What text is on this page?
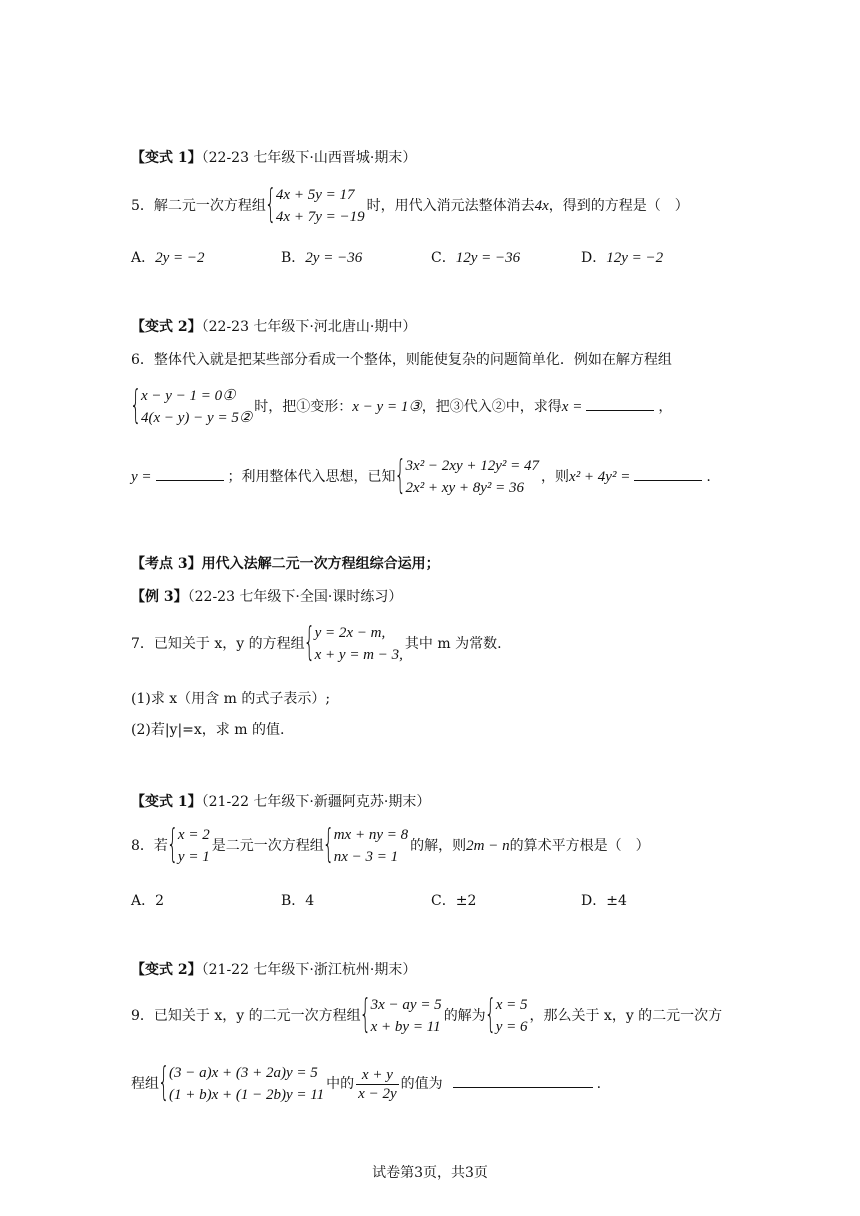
【变式 1】（22-23 七年级下·山西晋城·期末）
5．解二元一次方程组
{ 4x + 5y = 17
4x + 7y = −19
时，用代入消元法整体消去4x，得到的方程是（　）
A．2y = −2	B．2y = −36	C．12y = −36	D．12y = −2
【变式 2】（22-23 七年级下·河北唐山·期中）
6．整体代入就是把某些部分看成一个整体，则能使复杂的问题简单化．例如在解方程组
{ x − y − 1 = 0①
4(x − y) − y = 5②
时，把①变形：x − y = 1③，把③代入②中，求得x =	，
y =	；利用整体代入思想，已知
{ 3x² − 2xy + 12y² = 47
2x² + xy + 8y² = 36
，则x² + 4y² =	.
【考点 3】用代入法解二元一次方程组综合运用；
【例 3】（22-23 七年级下·全国·课时练习）
7．已知关于 x，y 的方程组
{ y = 2x − m,
x + y = m − 3,
其中 m 为常数.
(1)求 x（用含 m 的式子表示）;
(2)若|y|=x，求 m 的值.
【变式 1】（21-22 七年级下·新疆阿克苏·期末）
8．若
{ x = 2
y = 1
是二元一次方程组
{ mx + ny = 8
nx − 3 = 1
的解，则2m − n的算术平方根是（　）
A．2	B．4	C．±2	D．±4
【变式 2】（21-22 七年级下·浙江杭州·期末）
9．已知关于 x，y 的二元一次方程组
{ 3x − ay = 5
x + by = 11
的解为
{ x = 5
y = 6
，那么关于 x，y 的二元一次方
程组
{ (3 − a)x + (3 + 2a)y = 5
(1 + b)x + (1 − 2b)y = 11
中的 $\frac{x + y}{x - 2y}$ 的值为	.
试卷第3页，共3页
